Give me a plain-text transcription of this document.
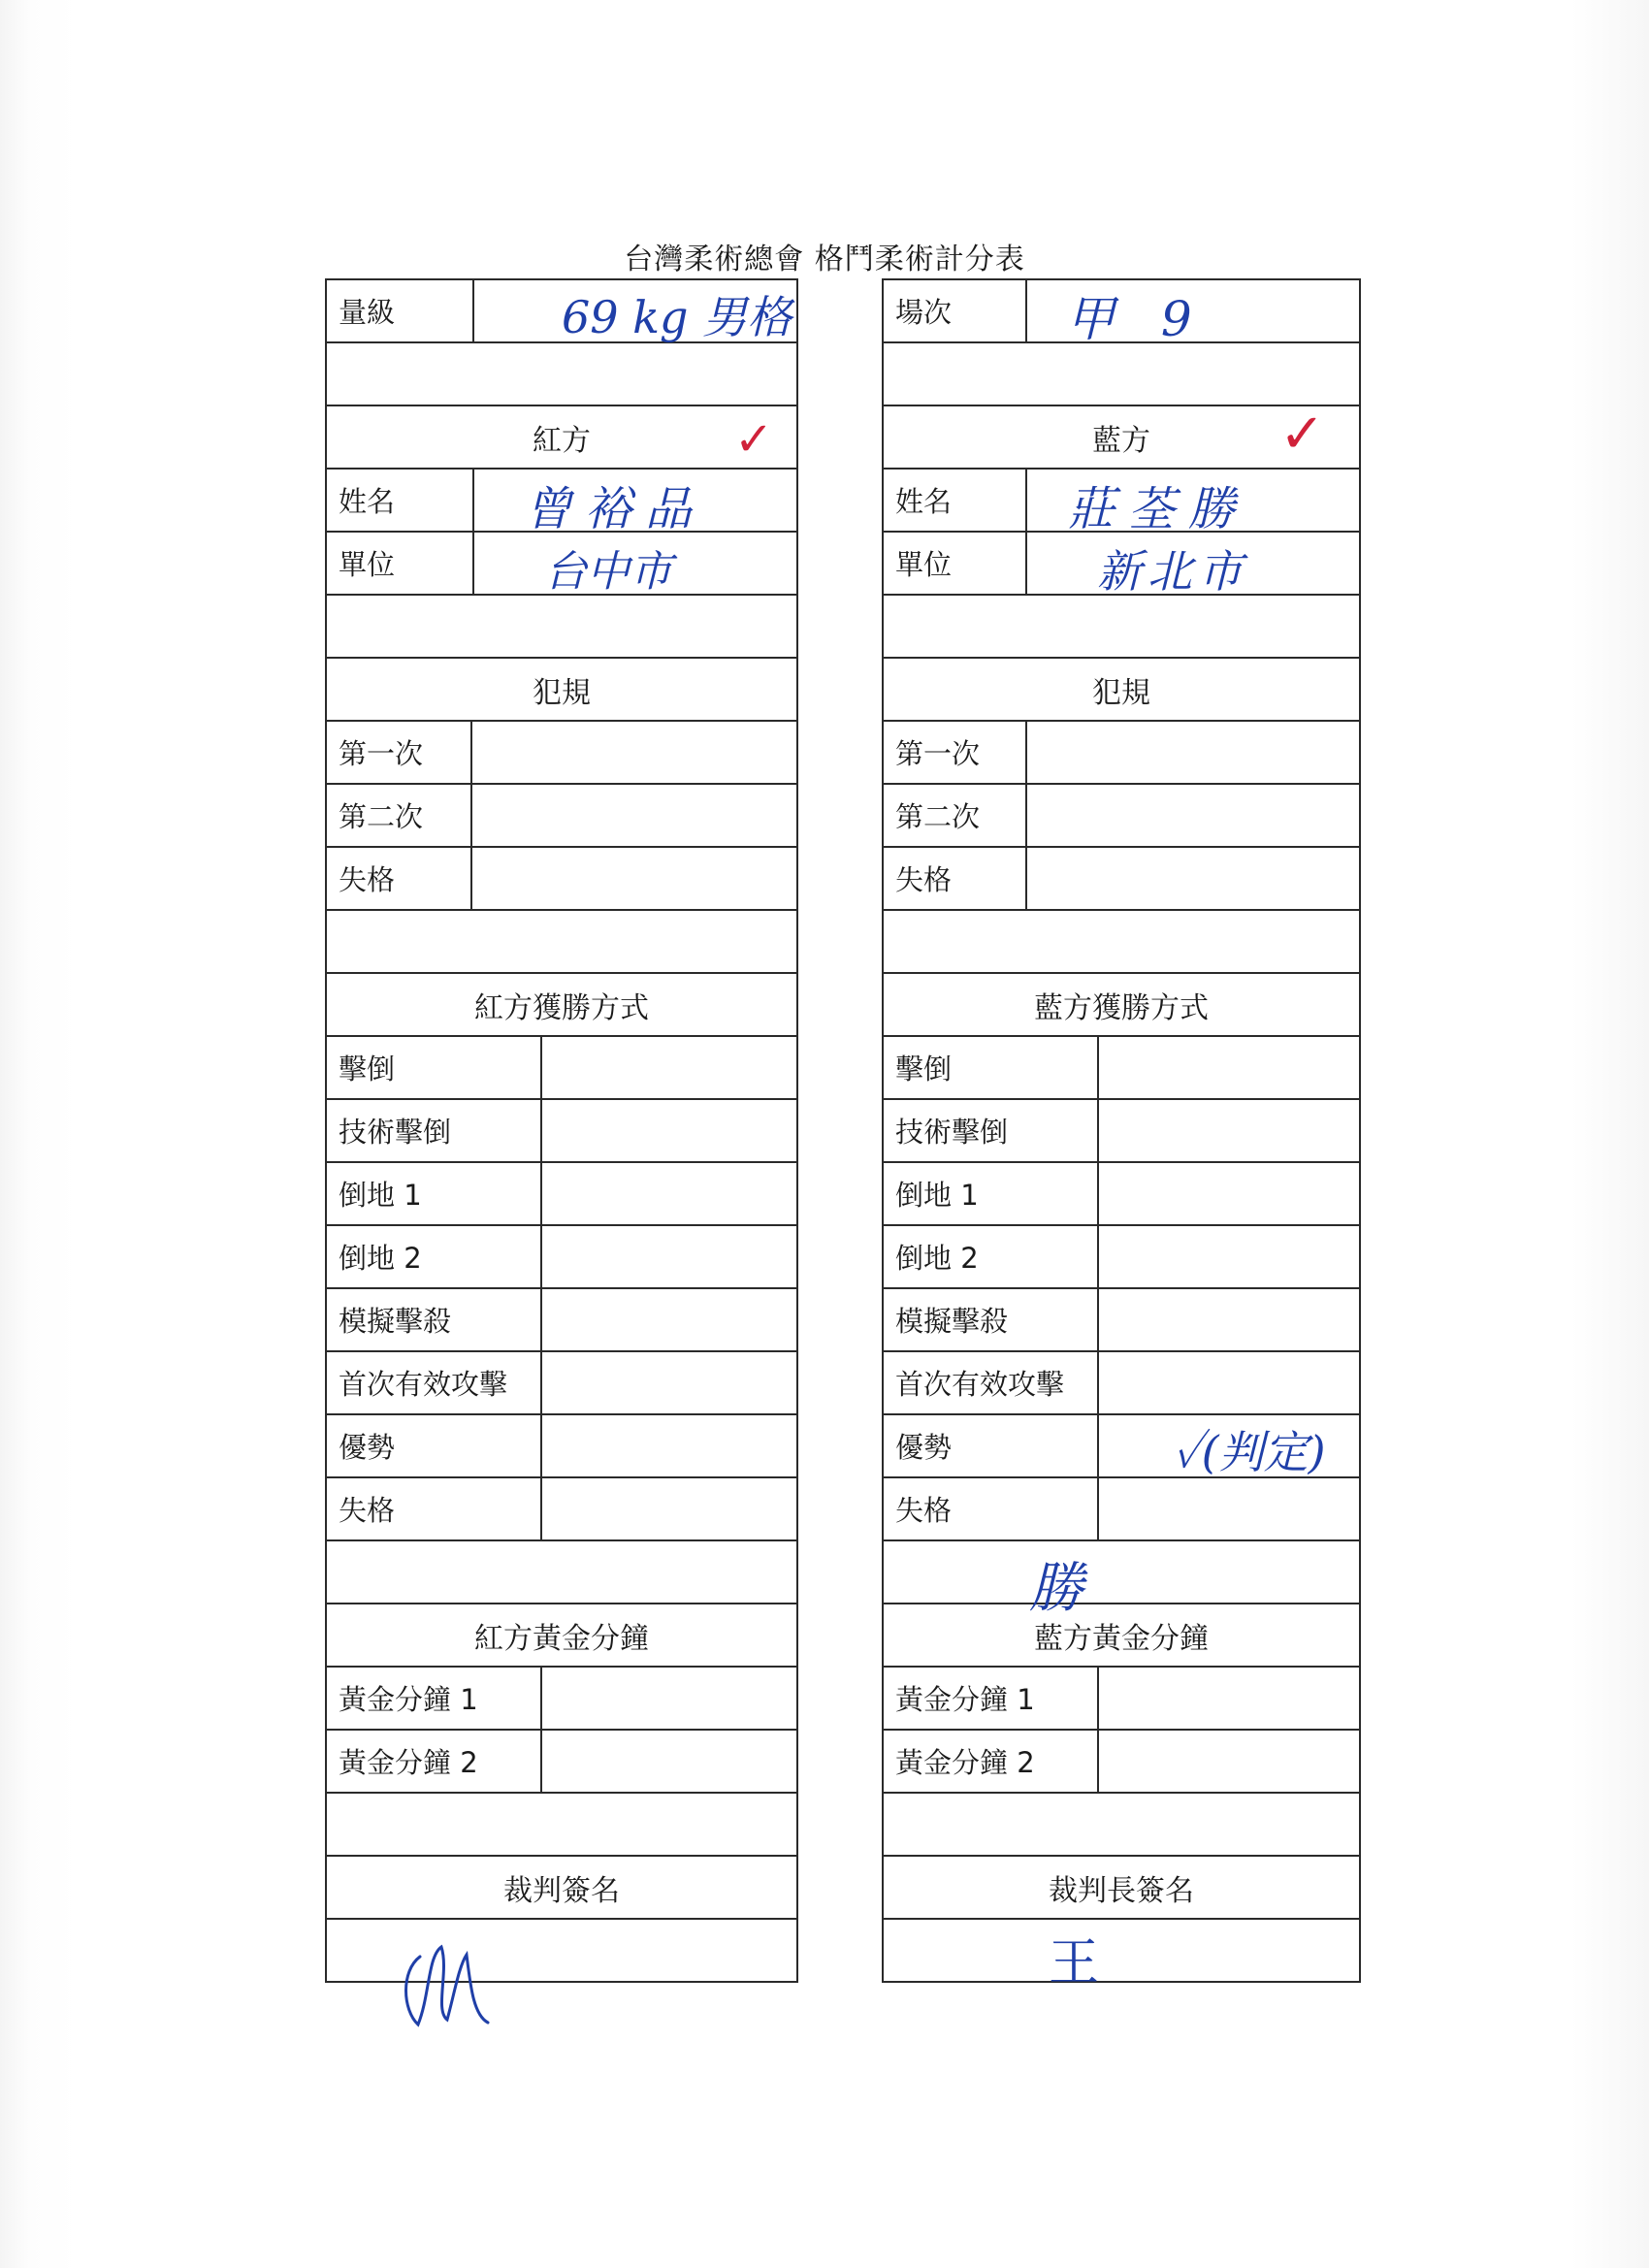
台灣柔術總會 格鬥柔術計分表
量級	69 kg 男格
紅方	✓
姓名	曾裕品
單位	台中市
犯規
第一次
第二次
失格
紅方獲勝方式
擊倒
技術擊倒
倒地 1
倒地 2
模擬擊殺
首次有效攻擊
優勢
失格
紅方黃金分鐘
黃金分鐘 1
黃金分鐘 2
裁判簽名
場次	甲 9
藍方 ✓
姓名	莊荃勝
單位	新北市
犯規
第一次
第二次
失格
藍方獲勝方式
擊倒
技術擊倒
倒地 1
倒地 2
模擬擊殺
首次有效攻擊
優勢	✓(判定)
失格
勝
藍方黃金分鐘
黃金分鐘 1
黃金分鐘 2
裁判長簽名
王
